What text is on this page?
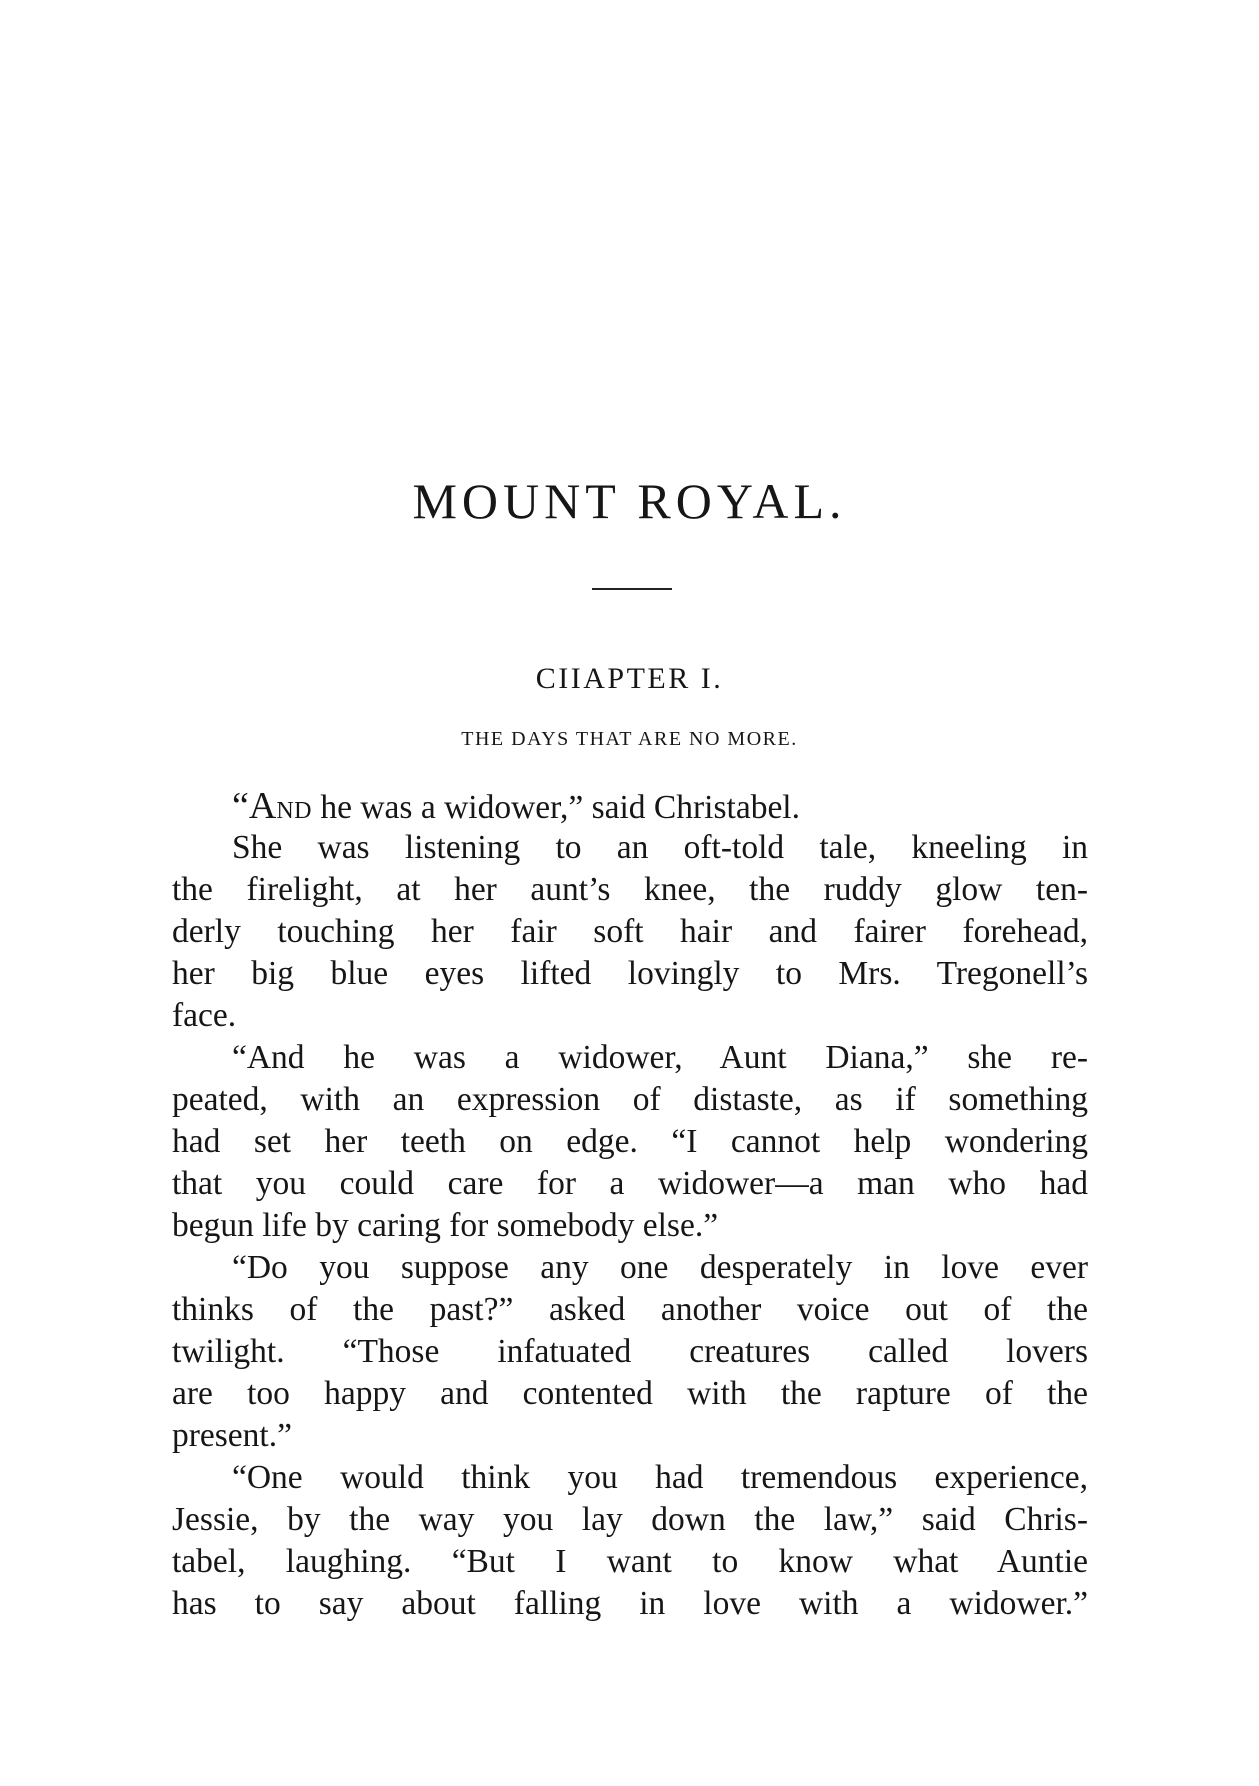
MOUNT ROYAL.
CIIAPTER I.
THE DAYS THAT ARE NO MORE.
“AND he was a widower,” said Christabel.
She was listening to an oft-told tale, kneeling in
the firelight, at her aunt’s knee, the ruddy glow ten-
derly touching her fair soft hair and fairer forehead,
her big blue eyes lifted lovingly to Mrs. Tregonell’s
face.
“And he was a widower, Aunt Diana,” she re-
peated, with an expression of distaste, as if something
had set her teeth on edge. “I cannot help wondering
that you could care for a widower—a man who had
begun life by caring for somebody else.”
“Do you suppose any one desperately in love ever
thinks of the past?” asked another voice out of the
twilight. “Those infatuated creatures called lovers
are too happy and contented with the rapture of the
present.”
“One would think you had tremendous experience,
Jessie, by the way you lay down the law,” said Chris-
tabel, laughing. “But I want to know what Auntie
has to say about falling in love with a widower.”
